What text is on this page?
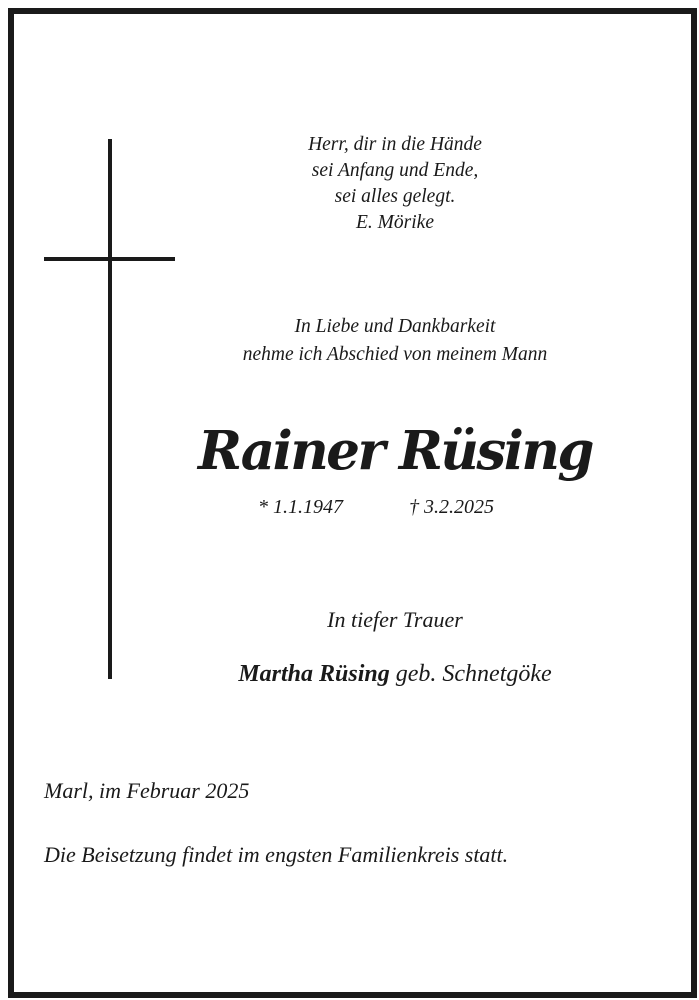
Herr, dir in die Hände
sei Anfang und Ende,
sei alles gelegt.
E. Mörike
In Liebe und Dankbarkeit
nehme ich Abschied von meinem Mann
Rainer Rüsing
* 1.1.1947	† 3.2.2025
In tiefer Trauer
Martha Rüsing geb. Schnetgöke
Marl, im Februar 2025
Die Beisetzung findet im engsten Familienkreis statt.
